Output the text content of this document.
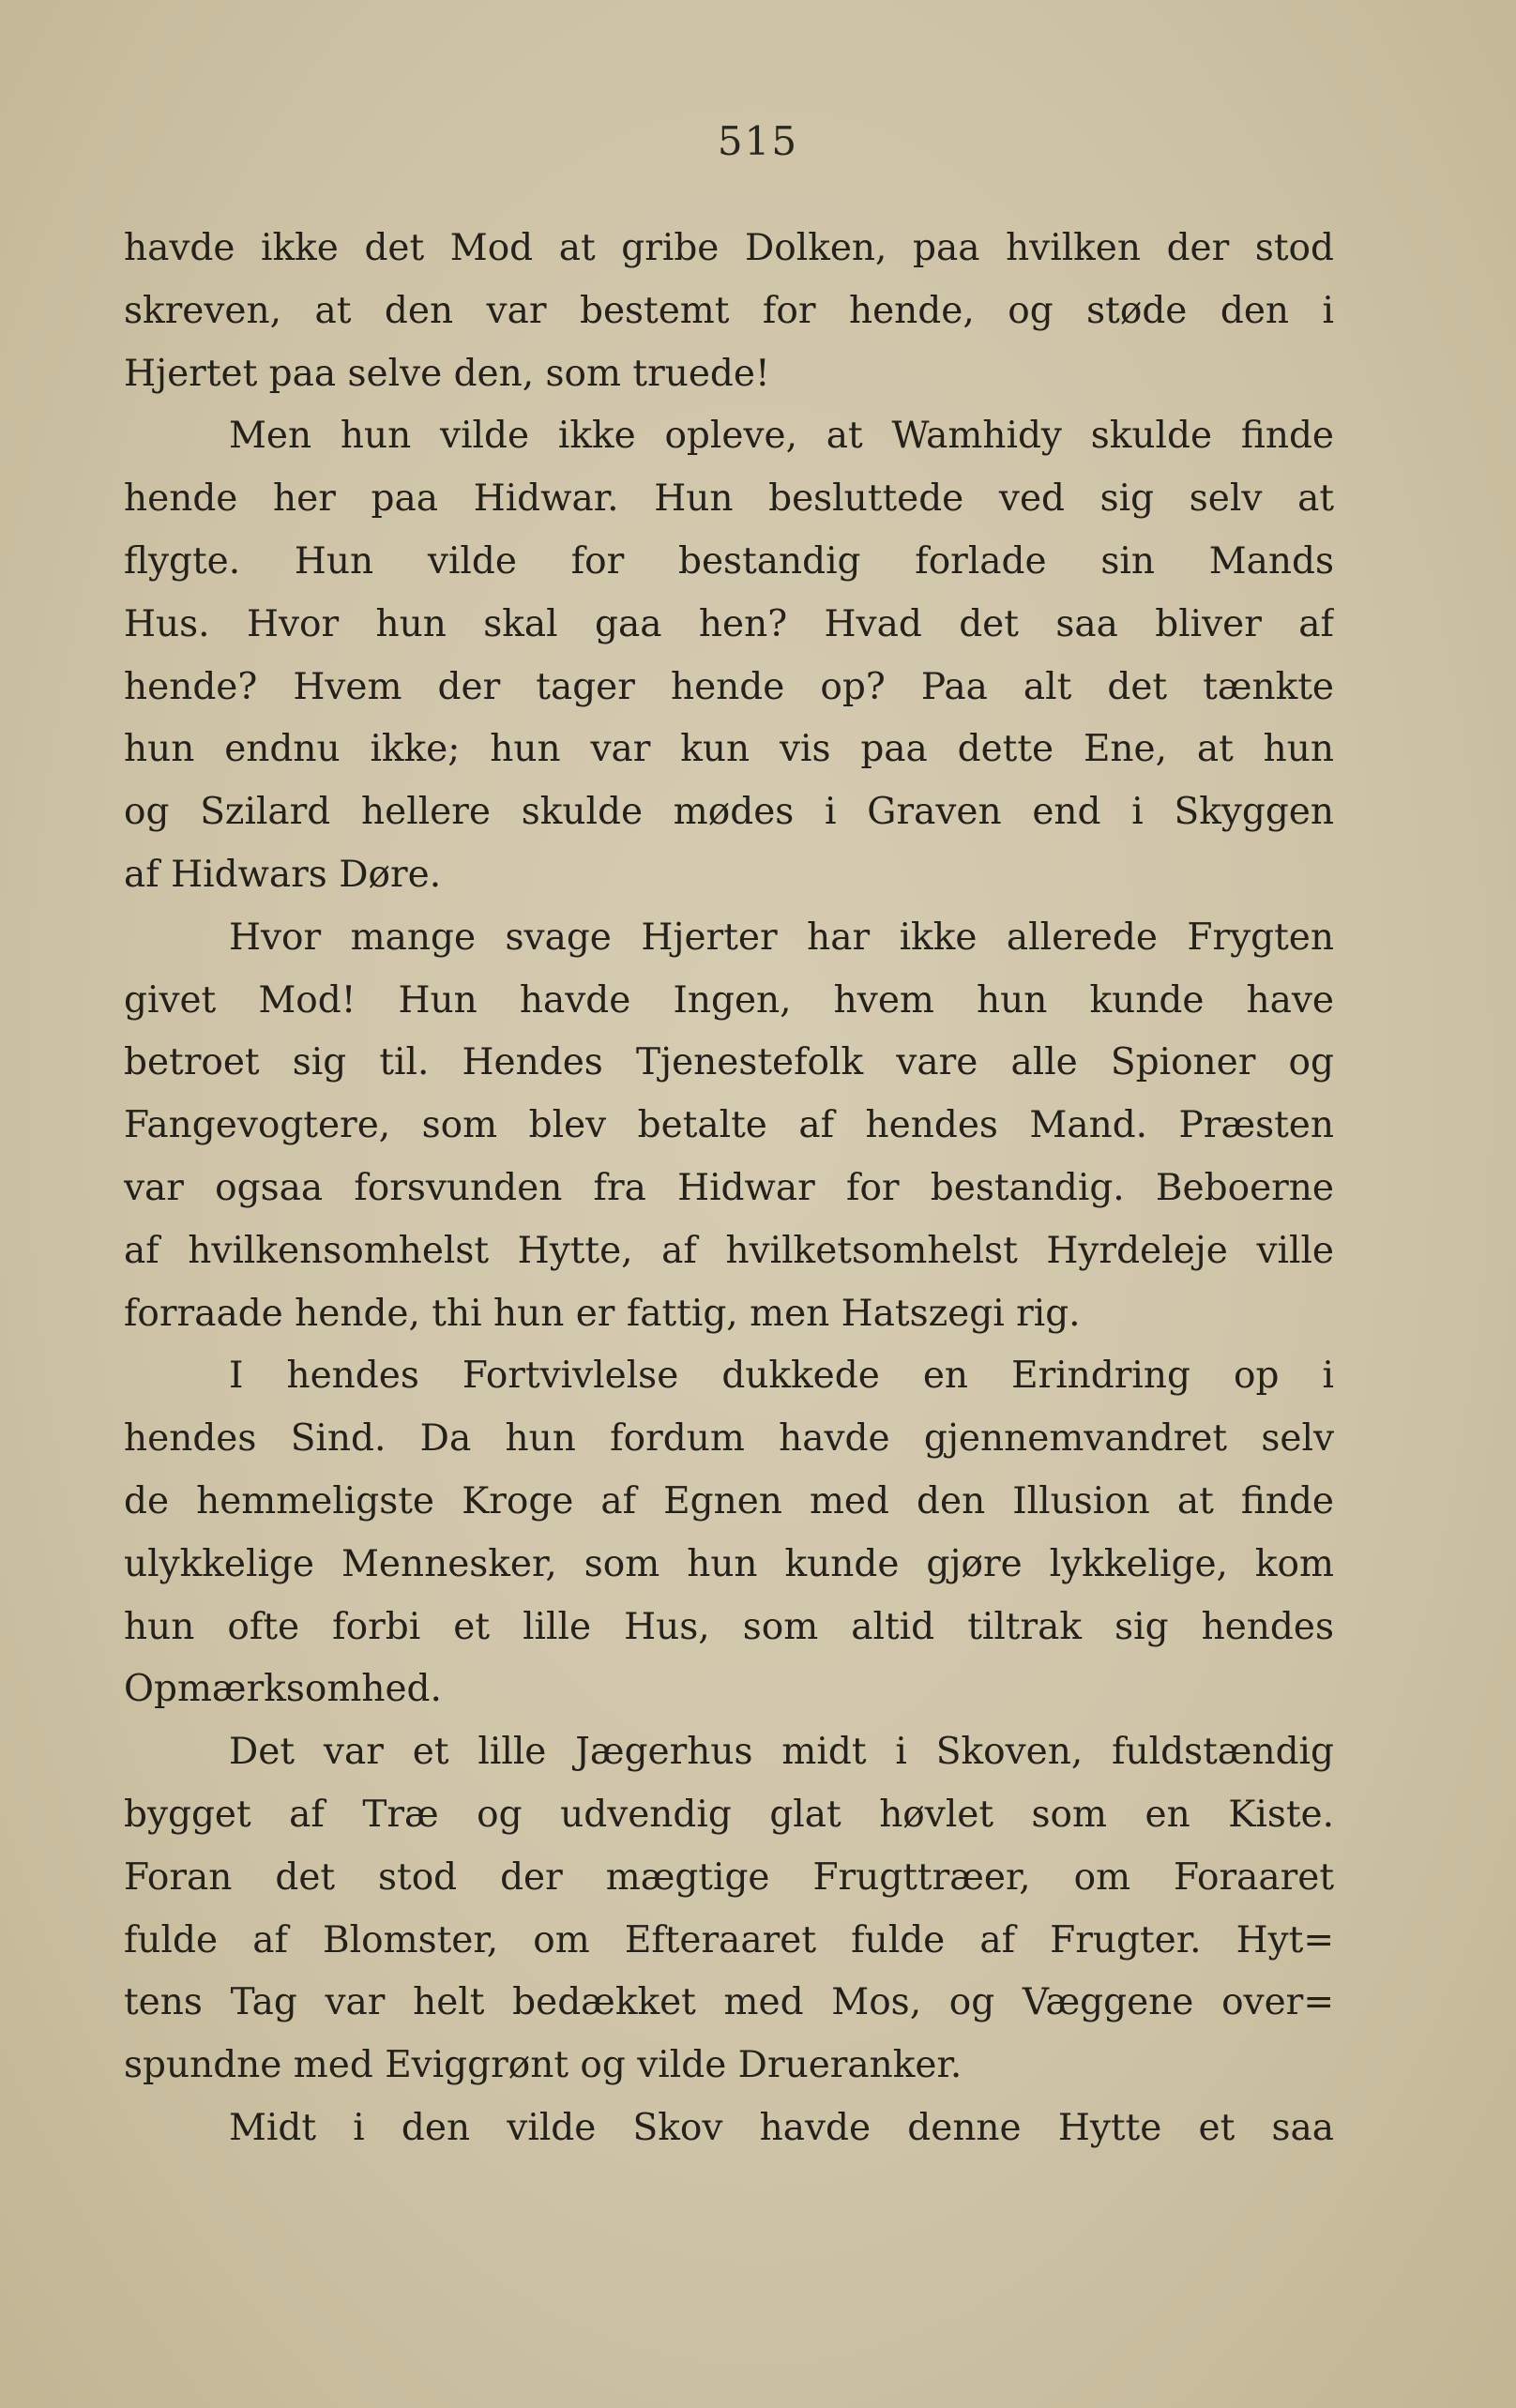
515
havde ikke det Mod at gribe Dolken, paa hvilken der stod
skreven, at den var bestemt for hende, og støde den i
Hjertet paa selve den, som truede!
Men hun vilde ikke opleve, at Wamhidy skulde finde
hende her paa Hidwar. Hun besluttede ved sig selv at
flygte. Hun vilde for bestandig forlade sin Mands
Hus. Hvor hun skal gaa hen? Hvad det saa bliver af
hende? Hvem der tager hende op? Paa alt det tænkte
hun endnu ikke; hun var kun vis paa dette Ene, at hun
og Szilard hellere skulde mødes i Graven end i Skyggen
af Hidwars Døre.
Hvor mange svage Hjerter har ikke allerede Frygten
givet Mod! Hun havde Ingen, hvem hun kunde have
betroet sig til. Hendes Tjenestefolk vare alle Spioner og
Fangevogtere, som blev betalte af hendes Mand. Præsten
var ogsaa forsvunden fra Hidwar for bestandig. Beboerne
af hvilkensomhelst Hytte, af hvilketsomhelst Hyrdeleje ville
forraade hende, thi hun er fattig, men Hatszegi rig.
I hendes Fortvivlelse dukkede en Erindring op i
hendes Sind. Da hun fordum havde gjennemvandret selv
de hemmeligste Kroge af Egnen med den Illusion at finde
ulykkelige Mennesker, som hun kunde gjøre lykkelige, kom
hun ofte forbi et lille Hus, som altid tiltrak sig hendes
Opmærksomhed.
Det var et lille Jægerhus midt i Skoven, fuldstændig
bygget af Træ og udvendig glat høvlet som en Kiste.
Foran det stod der mægtige Frugttræer, om Foraaret
fulde af Blomster, om Efteraaret fulde af Frugter. Hyt=
tens Tag var helt bedækket med Mos, og Væggene over=
spundne med Eviggrønt og vilde Drueranker.
Midt i den vilde Skov havde denne Hytte et saa
